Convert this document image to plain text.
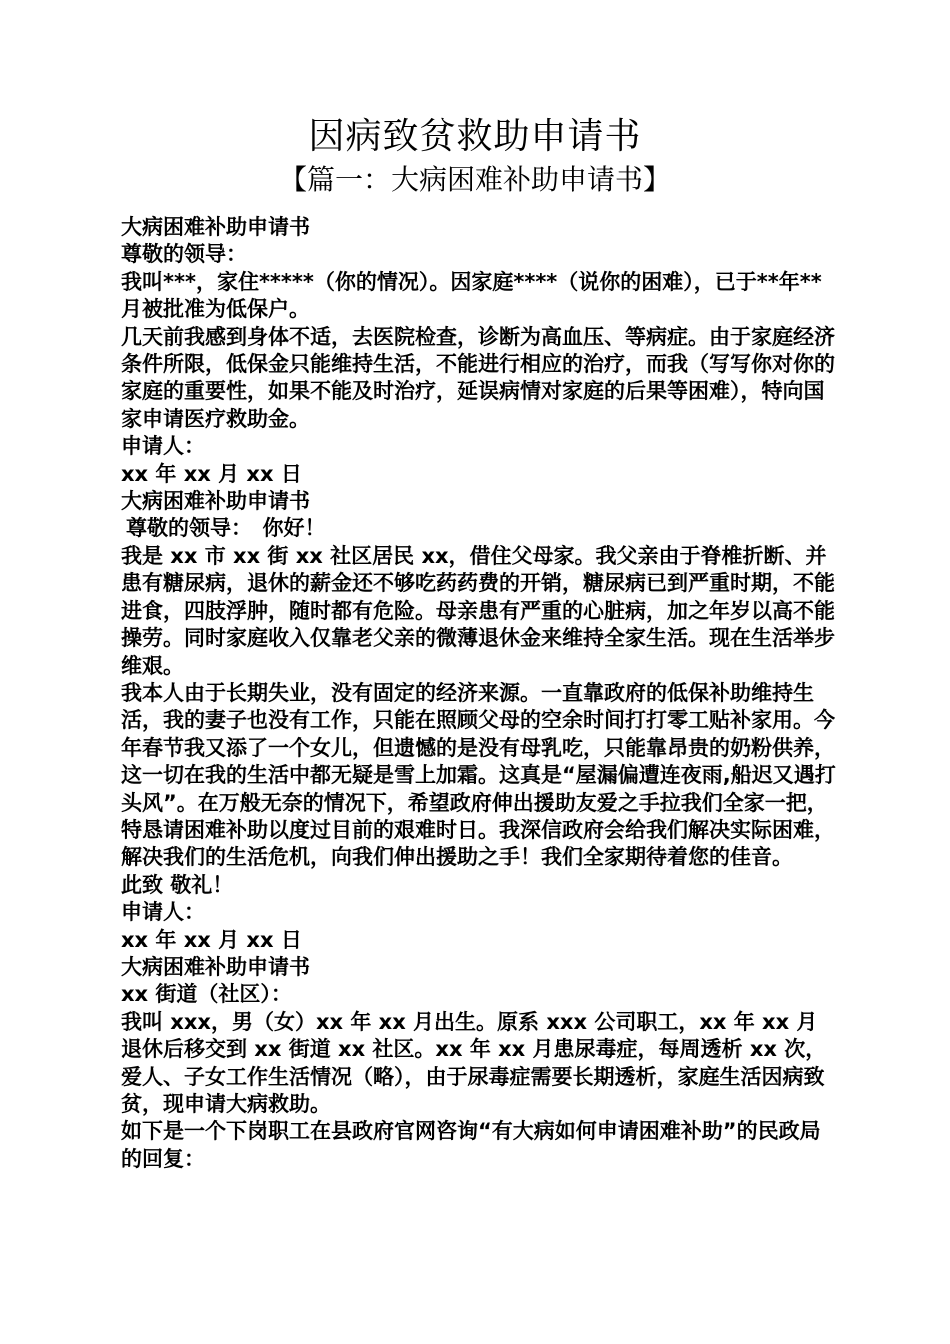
因病致贫救助申请书
【篇一：大病困难补助申请书】

大病困难补助申请书

尊敬的领导：

我叫***，家住*****（你的情况）。因家庭****（说你的困难），已于**年**月被批准为低保户。

几天前我感到身体不适，去医院检查，诊断为高血压、等病症。由于家庭经济条件所限，低保金只能维持生活，不能进行相应的治疗，而我（写写你对你的家庭的重要性，如果不能及时治疗，延误病情对家庭的后果等困难），特向国家申请医疗救助金。

申请人：

xx 年 xx 月 xx 日

大病困难补助申请书

尊敬的领导：　你好！

我是 xx 市 xx 街 xx 社区居民 xx，借住父母家。我父亲由于脊椎折断、并患有糖尿病，退休的薪金还不够吃药药费的开销，糖尿病已到严重时期，不能进食，四肢浮肿，随时都有危险。母亲患有严重的心脏病，加之年岁以高不能操劳。同时家庭收入仅靠老父亲的微薄退休金来维持全家生活。现在生活举步维艰。

我本人由于长期失业，没有固定的经济来源。一直靠政府的低保补助维持生活，我的妻子也没有工作，只能在照顾父母的空余时间打打零工贴补家用。今年春节我又添了一个女儿，但遗憾的是没有母乳吃，只能靠昂贵的奶粉供养，这一切在我的生活中都无疑是雪上加霜。这真是“屋漏偏遭连夜雨,船迟又遇打头风”。在万般无奈的情况下，希望政府伸出援助友爱之手拉我们全家一把，特恳请困难补助以度过目前的艰难时日。我深信政府会给我们解决实际困难，解决我们的生活危机，向我们伸出援助之手！我们全家期待着您的佳音。

此致 敬礼！

申请人：

xx 年 xx 月 xx 日

大病困难补助申请书

xx 街道（社区）：

我叫 xxx，男（女）xx 年 xx 月出生。原系 xxx 公司职工，xx 年 xx 月退休后移交到 xx 街道 xx 社区。xx 年 xx 月患尿毒症，每周透析 xx 次，爱人、子女工作生活情况（略），由于尿毒症需要长期透析，家庭生活因病致贫，现申请大病救助。

如下是一个下岗职工在县政府官网咨询“有大病如何申请困难补助”的民政局的回复：
